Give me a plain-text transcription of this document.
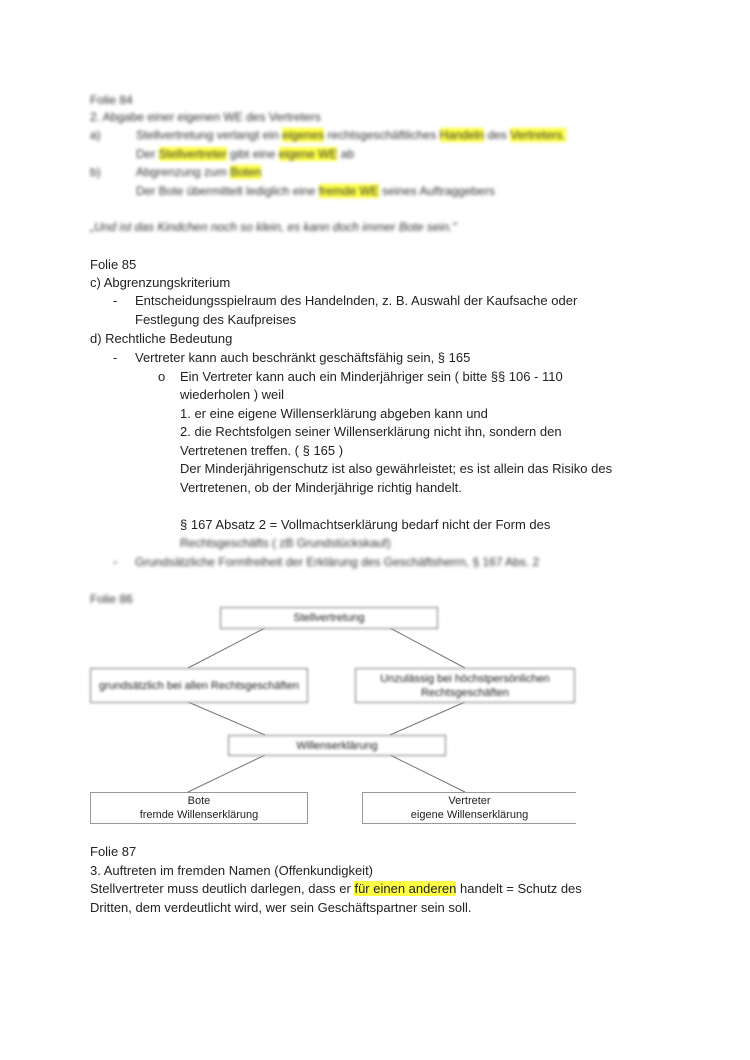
Folie 84
2. Abgabe einer eigenen WE des Vertreters
a)	Stellvertretung verlangt ein eigenes rechtsgeschäftliches Handeln des Vertreters.
Der Stellvertreter gibt eine eigene WE ab
b)	Abgrenzung zum Boten
Der Bote übermittelt lediglich eine fremde WE seines Auftraggebers
„Und ist das Kindchen noch so klein, es kann doch immer Bote sein."
Folie 85
c) Abgrenzungskriterium
- Entscheidungsspielraum des Handelnden, z. B. Auswahl der Kaufsache oder
Festlegung des Kaufpreises
d) Rechtliche Bedeutung
- Vertreter kann auch beschränkt geschäftsfähig sein, § 165
o Ein Vertreter kann auch ein Minderjähriger sein ( bitte §§ 106 - 110
wiederholen ) weil
1. er eine eigene Willenserklärung abgeben kann und
2. die Rechtsfolgen seiner Willenserklärung nicht ihn, sondern den
Vertretenen treffen. ( § 165 )
Der Minderjährigenschutz ist also gewährleistet; es ist allein das Risiko des
Vertretenen, ob der Minderjährige richtig handelt.
§ 167 Absatz 2 = Vollmachtserklärung bedarf nicht der Form des
Rechtsgeschäfts ( zB Grundstückskauf)
- Grundsätzliche Formfreiheit der Erklärung des Geschäftsherrn, § 167 Abs. 2
Folie 86
Stellvertretung
grundsätzlich bei allen Rechtsgeschäften
Unzulässig bei höchstpersönlichen
Rechtsgeschäften
Willenserklärung
Bote
fremde Willenserklärung
Vertreter
eigene Willenserklärung
Folie 87
3. Auftreten im fremden Namen (Offenkundigkeit)
Stellvertreter muss deutlich darlegen, dass er für einen anderen handelt = Schutz des
Dritten, dem verdeutlicht wird, wer sein Geschäftspartner sein soll.
